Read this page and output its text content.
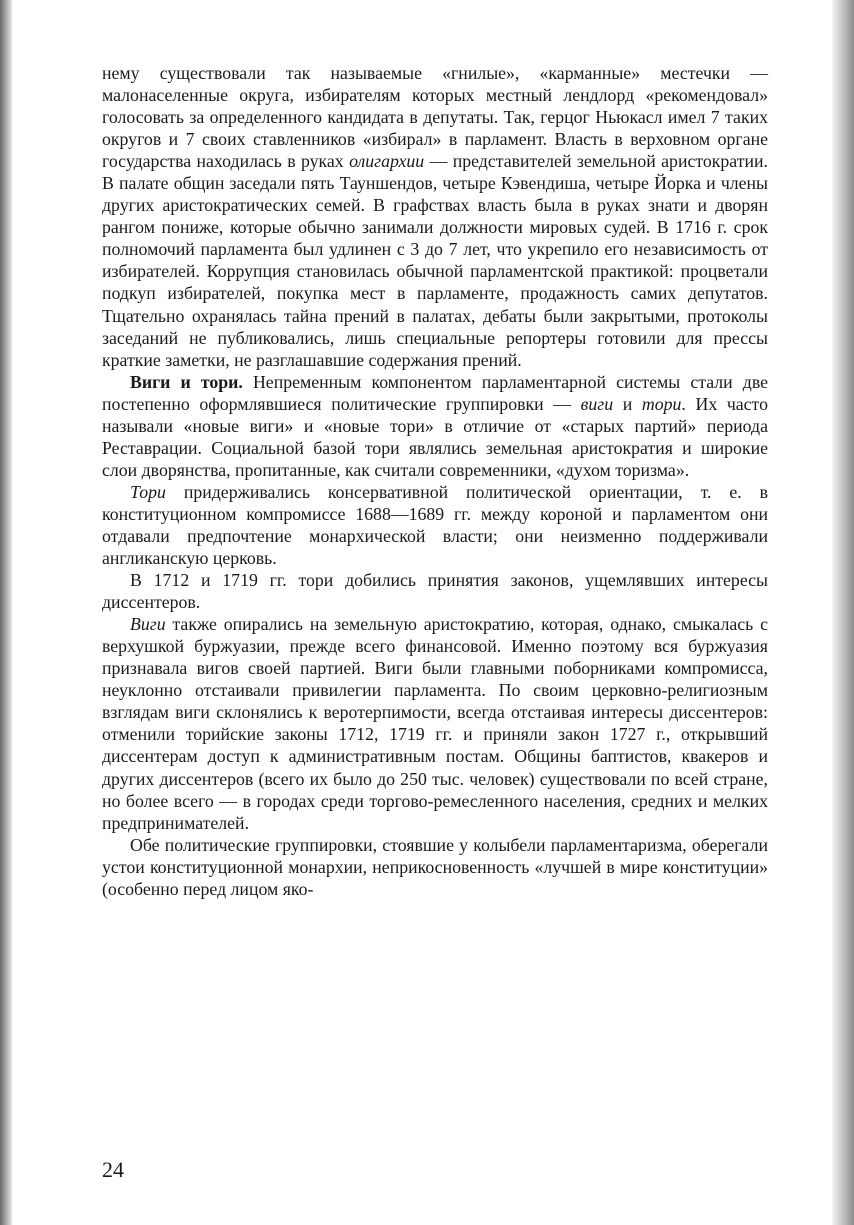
нему существовали так называемые «гнилые», «карманные» местечки — малонаселенные округа, избирателям которых местный лендлорд «рекомендовал» голосовать за определенного кандидата в депутаты. Так, герцог Ньюкасл имел 7 таких округов и 7 своих ставленников «избирал» в парламент. Власть в верховном органе государства находилась в руках олигархии — представителей земельной аристократии. В палате общин заседали пять Тауншендов, четыре Кэвендиша, четыре Йорка и члены других аристократических семей. В графствах власть была в руках знати и дворян рангом пониже, которые обычно занимали должности мировых судей. В 1716 г. срок полномочий парламента был удлинен с 3 до 7 лет, что укрепило его независимость от избирателей. Коррупция становилась обычной парламентской практикой: процветали подкуп избирателей, покупка мест в парламенте, продажность самих депутатов. Тщательно охранялась тайна прений в палатах, дебаты были закрытыми, протоколы заседаний не публиковались, лишь специальные репортеры готовили для прессы краткие заметки, не разглашавшие содержания прений.

Виги и тори. Непременным компонентом парламентарной системы стали две постепенно оформлявшиеся политические группировки — виги и тори. Их часто называли «новые виги» и «новые тори» в отличие от «старых партий» периода Реставрации. Социальной базой тори являлись земельная аристократия и широкие слои дворянства, пропитанные, как считали современники, «духом торизма».

Тори придерживались консервативной политической ориентации, т. е. в конституционном компромиссе 1688—1689 гг. между короной и парламентом они отдавали предпочтение монархической власти; они неизменно поддерживали англиканскую церковь.

В 1712 и 1719 гг. тори добились принятия законов, ущемлявших интересы диссентеров.

Виги также опирались на земельную аристократию, которая, однако, смыкалась с верхушкой буржуазии, прежде всего финансовой. Именно поэтому вся буржуазия признавала вигов своей партией. Виги были главными поборниками компромисса, неуклонно отстаивали привилегии парламента. По своим церковно-религиозным взглядам виги склонялись к веротерпимости, всегда отстаивая интересы диссентеров: отменили торийские законы 1712, 1719 гг. и приняли закон 1727 г., открывший диссентерам доступ к административным постам. Общины баптистов, квакеров и других диссентеров (всего их было до 250 тыс. человек) существовали по всей стране, но более всего — в городах среди торгово-ремесленного населения, средних и мелких предпринимателей.

Обе политические группировки, стоявшие у колыбели парламентаризма, оберегали устои конституционной монархии, неприкосновенность «лучшей в мире конституции» (особенно перед лицом яко-

24
